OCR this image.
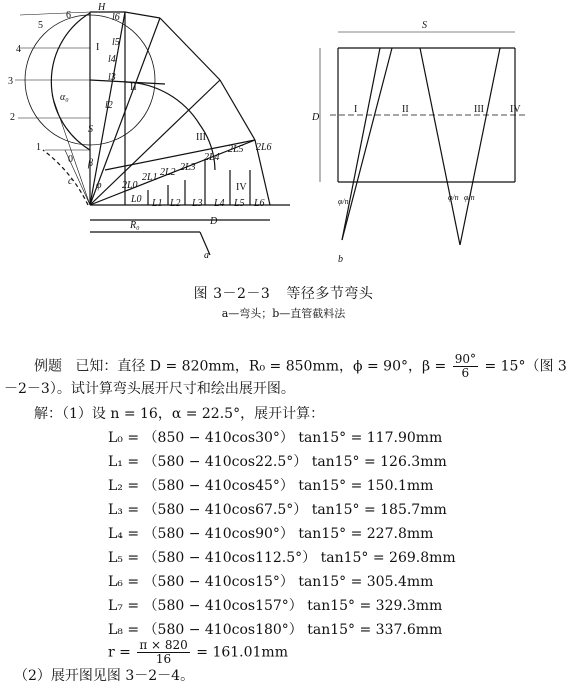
6
5
4
3
2
1
0
H
l6
S
c
R₀	D
a
α₀
β
φ
I
II
III
IV
l5
l4
l3
l2
L0 L1 L2 L3 L4 L5 L6
2L0
2L1 2L2 2L3
2L4
2L5 2L6
S
D
I	II	III	IV
φ/n	φ/n φ/n
b
图 3－2－3 等径多节弯头
a—弯头；b—直管截料法
例题 已知：直径 D = 820mm，R₀ = 850mm，ϕ = 90°，$\beta = \frac{90^\circ}{6} = 15^\circ$（图 3
－2－3）。试计算弯头展开尺寸和绘出展开图。
解：（1）设 n = 16，α = 22.5°，展开计算：
L₀ = （850 − 410cos30°） tan15° = 117.90mm
L₁ = （580 − 410cos22.5°） tan15° = 126.3mm
L₂ = （580 − 410cos45°） tan15° = 150.1mm
L₃ = （580 − 410cos67.5°） tan15° = 185.7mm
L₄ = （580 − 410cos90°） tan15° = 227.8mm
L₅ = （580 − 410cos112.5°） tan15° = 269.8mm
L₆ = （580 − 410cos15°） tan15° = 305.4mm
L₇ = （580 − 410cos157°） tan15° = 329.3mm
L₈ = （580 − 410cos180°） tan15° = 337.6mm
$r = \frac{\pi \times 820}{16} = 161.01mm$
（2）展开图见图 3－2－4。
